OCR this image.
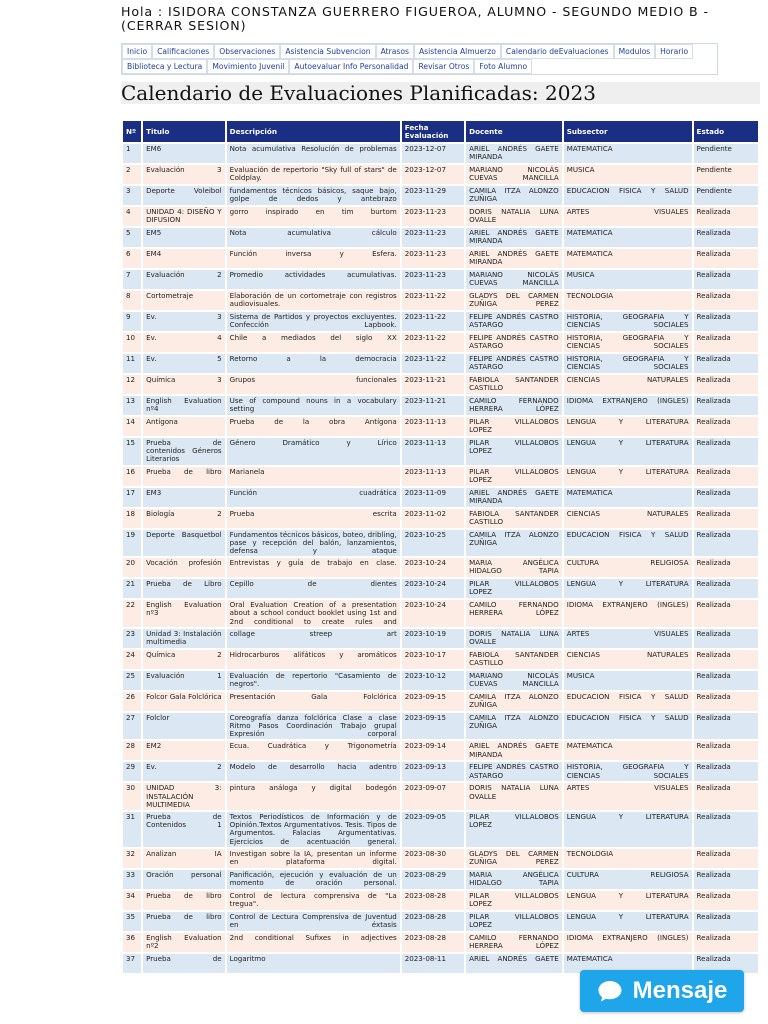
Hola : ISIDORA CONSTANZA GUERRERO FIGUEROA, ALUMNO - SEGUNDO MEDIO B -
(CERRAR SESION)
Inicio	Calificaciones	Observaciones	Asistencia Subvencion	Atrasos	Asistencia Almuerzo	Calendario deEvaluaciones	Modulos	Horario
Biblioteca y Lectura	Movimiento Juvenil	Autoevaluar Info Personalidad	Revisar Otros	Foto Alumno
Calendario de Evaluaciones Planificadas: 2023
Nº	Titulo	Descripción	Fecha Evaluación	Docente	Subsector	Estado
1	EM6	Nota acumulativa Resolución de problemas	2023-12-07	ARIEL ANDRÉS GAETE MIRANDA	MATEMATICA	Pendiente
2	Evaluación 3	Evaluación de repertorio "Sky full of stars" de Coldplay.	2023-12-07	MARIANO NICOLÁS CUEVAS MANCILLA	MUSICA	Pendiente
3	Deporte Voleibol	fundamentos técnicos básicos, saque bajo, golpe de dedos y antebrazo	2023-11-29	CAMILA ITZA ALONZO ZUÑIGA	EDUCACION FISICA Y SALUD	Pendiente
4	UNIDAD 4: DISEÑO Y DIFUSION	gorro inspirado en tim burtom	2023-11-23	DORIS NATALIA LUNA OVALLE	ARTES VISUALES	Realizada
5	EM5	Nota acumulativa cálculo	2023-11-23	ARIEL ANDRÉS GAETE MIRANDA	MATEMATICA	Realizada
6	EM4	Función inversa y Esfera.	2023-11-23	ARIEL ANDRÉS GAETE MIRANDA	MATEMATICA	Realizada
7	Evaluación 2	Promedio actividades acumulativas.	2023-11-23	MARIANO NICOLÁS CUEVAS MANCILLA	MUSICA	Realizada
8	Cortometraje	Elaboración de un cortometraje con registros audiovisuales.	2023-11-22	GLADYS DEL CARMEN ZUÑIGA PEREZ	TECNOLOGIA	Realizada
9	Ev. 3	Sistema de Partidos y proyectos excluyentes. Confección Lapbook.	2023-11-22	FELIPE ANDRÉS CASTRO ASTARGO	HISTORIA, GEOGRAFIA Y CIENCIAS SOCIALES	Realizada
10	Ev. 4	Chile a mediados del siglo XX	2023-11-22	FELIPE ANDRÉS CASTRO ASTARGO	HISTORIA, GEOGRAFIA Y CIENCIAS SOCIALES	Realizada
11	Ev. 5	Retorno a la democracia	2023-11-22	FELIPE ANDRÉS CASTRO ASTARGO	HISTORIA, GEOGRAFIA Y CIENCIAS SOCIALES	Realizada
12	Química 3	Grupos funcionales	2023-11-21	FABIOLA SANTANDER CASTILLO	CIENCIAS NATURALES	Realizada
13	English Evaluation nº4	Use of compound nouns in a vocabulary setting	2023-11-21	CAMILO FERNANDO HERRERA LÓPEZ	IDIOMA EXTRANJERO (INGLES)	Realizada
14	Antígona	Prueba de la obra Antígona	2023-11-13	PILAR VILLALOBOS LOPEZ	LENGUA Y LITERATURA	Realizada
15	Prueba de contenidos Géneros Literarios	Género Dramático y Lírico	2023-11-13	PILAR VILLALOBOS LOPEZ	LENGUA Y LITERATURA	Realizada
16	Prueba de libro	Marianela	2023-11-13	PILAR VILLALOBOS LOPEZ	LENGUA Y LITERATURA	Realizada
17	EM3	Función cuadrática	2023-11-09	ARIEL ANDRÉS GAETE MIRANDA	MATEMATICA	Realizada
18	Biología 2	Prueba escrita	2023-11-02	FABIOLA SANTANDER CASTILLO	CIENCIAS NATURALES	Realizada
19	Deporte Basquetbol	Fundamentos técnicos básicos, boteo, dribling, pase y recepción del balón, lanzamientos, defensa y ataque	2023-10-25	CAMILA ITZA ALONZO ZUÑIGA	EDUCACION FISICA Y SALUD	Realizada
20	Vocación profesión	Entrevistas y guía de trabajo en clase.	2023-10-24	MARIA ANGÉLICA HIDALGO TAPIA	CULTURA RELIGIOSA	Realizada
21	Prueba de Libro	Cepillo de dientes	2023-10-24	PILAR VILLALOBOS LOPEZ	LENGUA Y LITERATURA	Realizada
22	English Evaluation nº3	Oral Evaluation Creation of a presentation about a school conduct booklet using 1st and 2nd conditional to create rules and	2023-10-24	CAMILO FERNANDO HERRERA LÓPEZ	IDIOMA EXTRANJERO (INGLES)	Realizada
23	Unidad 3: Instalación multimedia	collage streep art	2023-10-19	DORIS NATALIA LUNA OVALLE	ARTES VISUALES	Realizada
24	Química 2	Hidrocarburos alifáticos y aromáticos	2023-10-17	FABIOLA SANTANDER CASTILLO	CIENCIAS NATURALES	Realizada
25	Evaluación 1	Evaluación de repertorio "Casamiento de negros".	2023-10-12	MARIANO NICOLÁS CUEVAS MANCILLA	MUSICA	Realizada
26	Folcor Gala Folclórica	Presentación Gala Folclórica	2023-09-15	CAMILA ITZA ALONZO ZUÑIGA	EDUCACION FISICA Y SALUD	Realizada
27	Folclor	Coreografía danza folclórica Clase a clase Ritmo Pasos Coordinación Trabajo grupal Expresión corporal	2023-09-15	CAMILA ITZA ALONZO ZUÑIGA	EDUCACION FISICA Y SALUD	Realizada
28	EM2	Ecua. Cuadrática y Trigonometría	2023-09-14	ARIEL ANDRÉS GAETE MIRANDA	MATEMATICA	Realizada
29	Ev. 2	Modelo de desarrollo hacia adentro	2023-09-13	FELIPE ANDRÉS CASTRO ASTARGO	HISTORIA, GEOGRAFIA Y CIENCIAS SOCIALES	Realizada
30	UNIDAD 3: INSTALACIÓN MULTIMEDIA	pintura análoga y digital bodegón	2023-09-07	DORIS NATALIA LUNA OVALLE	ARTES VISUALES	Realizada
31	Prueba de Contenidos 1	Textos Periodísticos de Información y de Opinión.Textos Argumentativos. Tesis. Tipos de Argumentos. Falacias Argumentativas. Ejercicios de acentuación general.	2023-09-05	PILAR VILLALOBOS LOPEZ	LENGUA Y LITERATURA	Realizada
32	Analizan IA	Investigan sobre la IA, presentan un informe en plataforma digital.	2023-08-30	GLADYS DEL CARMEN ZUÑIGA PEREZ	TECNOLOGIA	Realizada
33	Oración personal	Panificación, ejecución y evaluación de un momento de oración personal.	2023-08-29	MARIA ANGÉLICA HIDALGO TAPIA	CULTURA RELIGIOSA	Realizada
34	Prueba de libro	Control de lectura comprensiva de "La tregua".	2023-08-28	PILAR VILLALOBOS LOPEZ	LENGUA Y LITERATURA	Realizada
35	Prueba de libro	Control de Lectura Comprensiva de Juventud en éxtasis	2023-08-28	PILAR VILLALOBOS LOPEZ	LENGUA Y LITERATURA	Realizada
36	English Evaluation nº2	2nd conditional Sufixes in adjectives	2023-08-28	CAMILO FERNANDO HERRERA LÓPEZ	IDIOMA EXTRANJERO (INGLES)	Realizada
37	Prueba de	Logaritmo	2023-08-11	ARIEL ANDRÉS GAETE	MATEMATICA	Realizada
Mensaje
